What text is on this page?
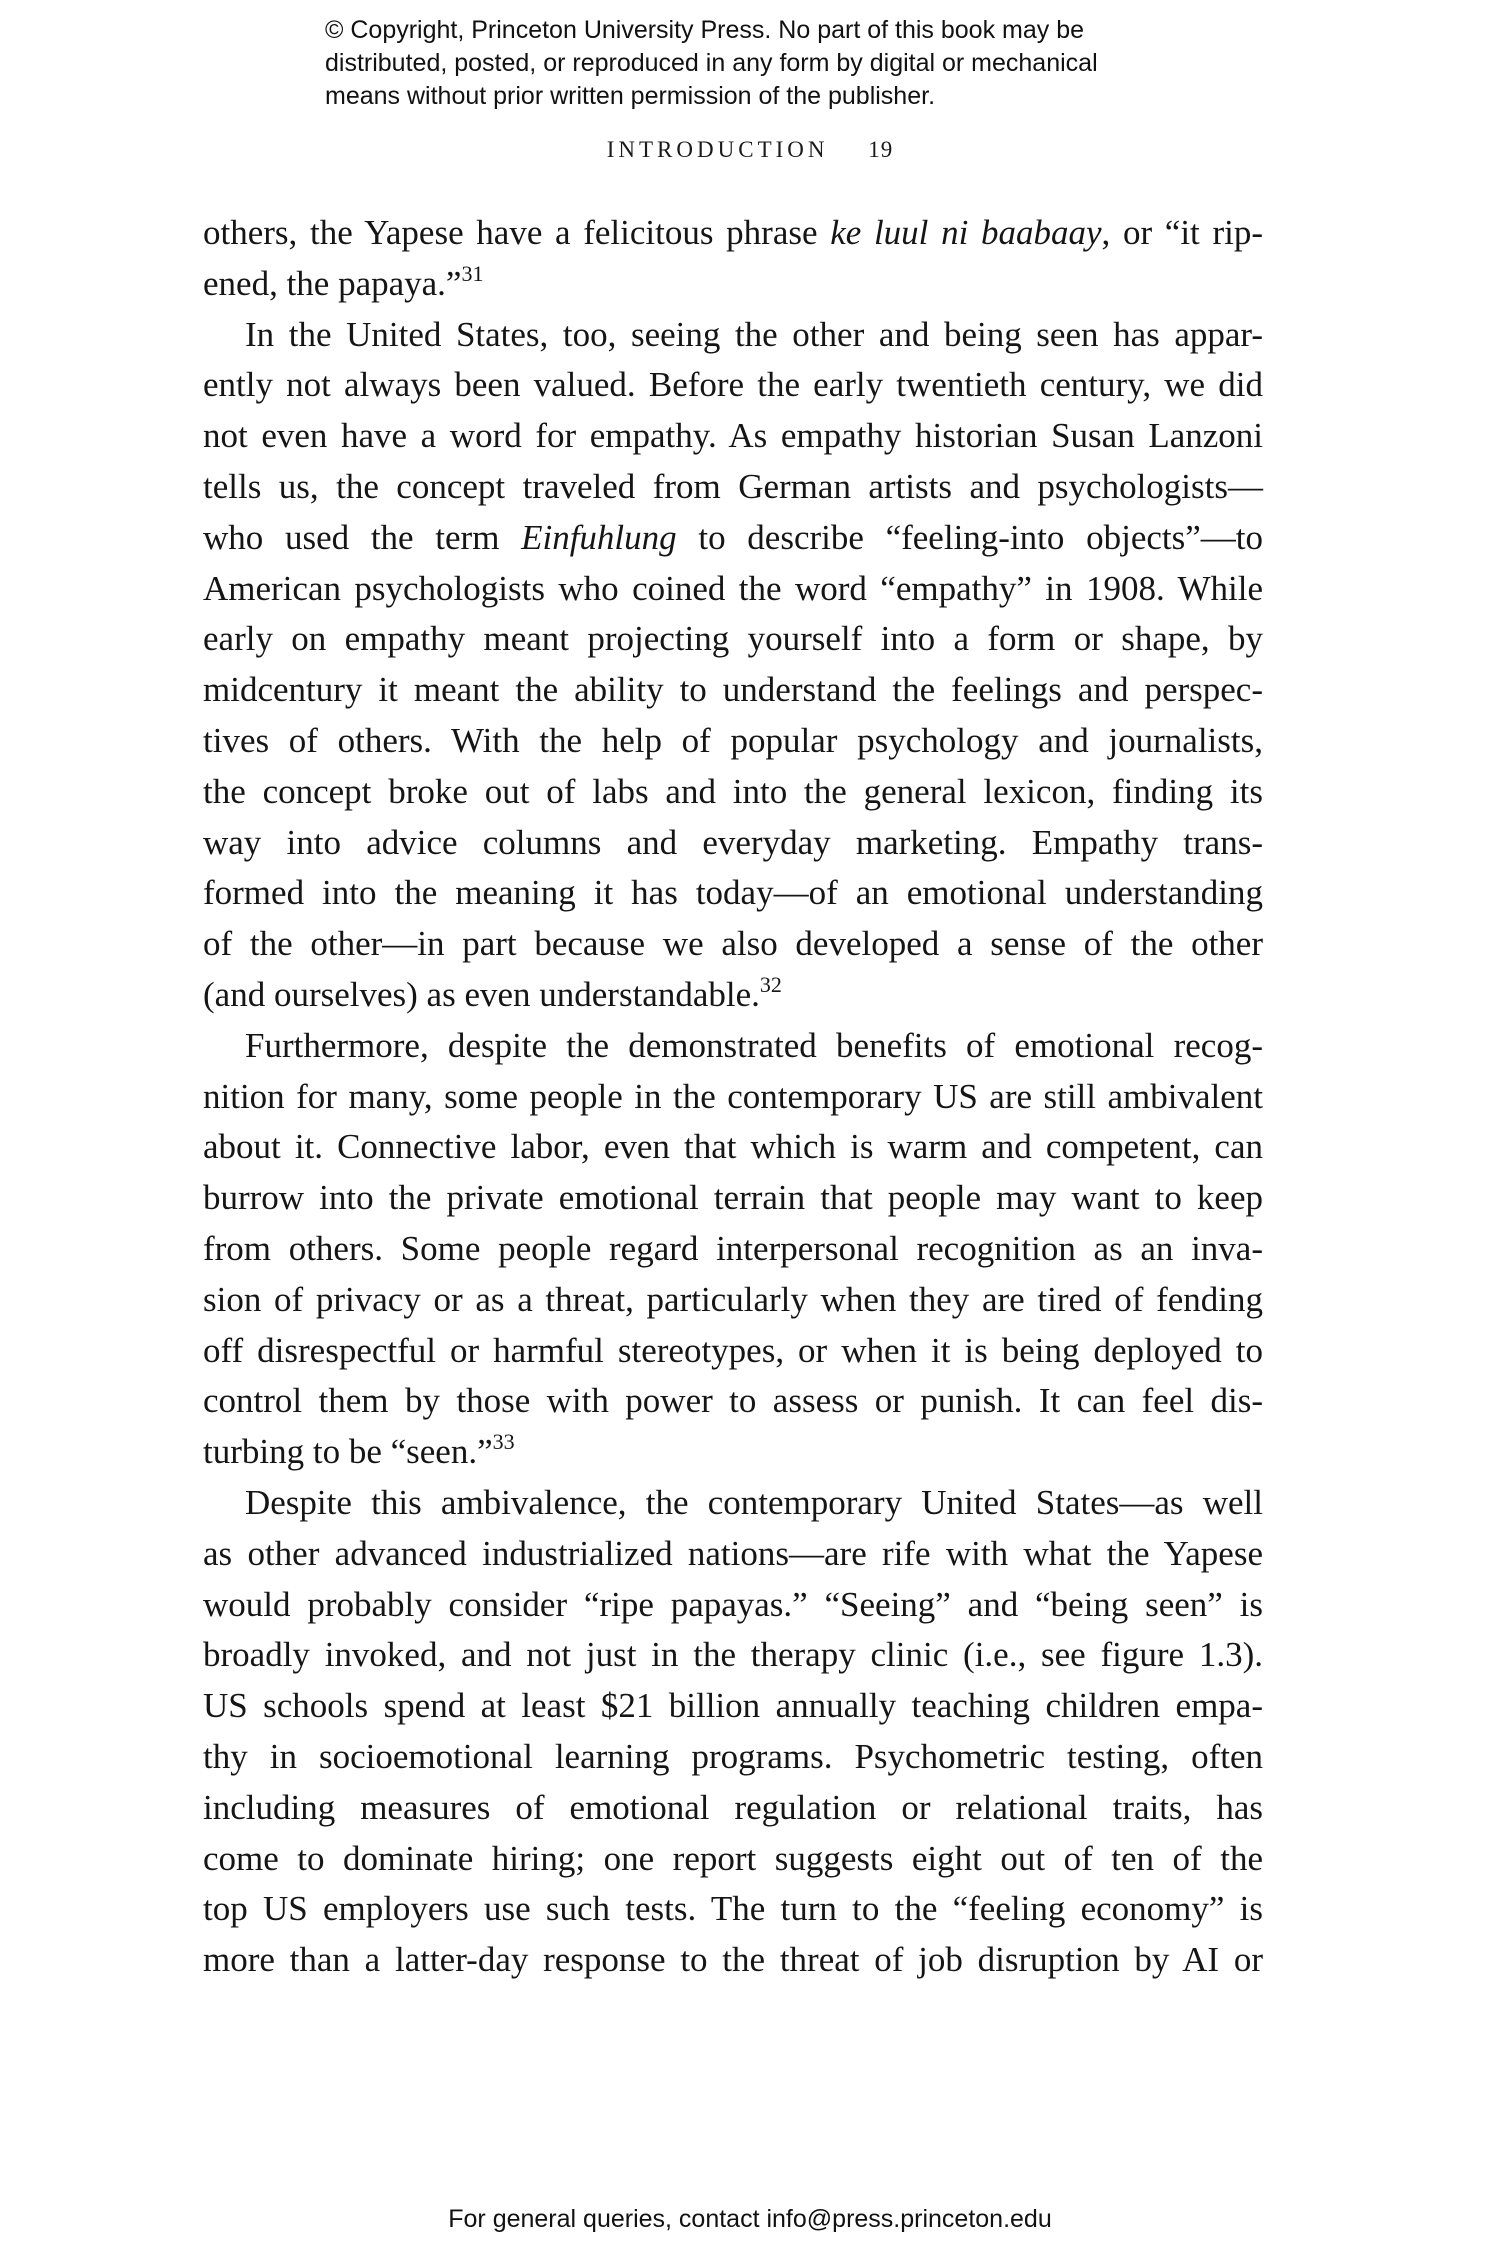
© Copyright, Princeton University Press. No part of this book may be
distributed, posted, or reproduced in any form by digital or mechanical
means without prior written permission of the publisher.
INTRODUCTION 19
others, the Yapese have a felicitous phrase ke luul ni baabaay, or “it rip-
ened, the papaya.”$^{31}$
In the United States, too, seeing the other and being seen has appar-
ently not always been valued. Before the early twentieth century, we did
not even have a word for empathy. As empathy historian Susan Lanzoni
tells us, the concept traveled from German artists and psychologists—
who used the term Einfuhlung to describe “feeling-into objects”—to
American psychologists who coined the word “empathy” in 1908. While
early on empathy meant projecting yourself into a form or shape, by
midcentury it meant the ability to understand the feelings and perspec-
tives of others. With the help of popular psychology and journalists,
the concept broke out of labs and into the general lexicon, finding its
way into advice columns and everyday marketing. Empathy trans-
formed into the meaning it has today—of an emotional understanding
of the other—in part because we also developed a sense of the other
(and ourselves) as even understandable.$^{32}$
Furthermore, despite the demonstrated benefits of emotional recog-
nition for many, some people in the contemporary US are still ambivalent
about it. Connective labor, even that which is warm and competent, can
burrow into the private emotional terrain that people may want to keep
from others. Some people regard interpersonal recognition as an inva-
sion of privacy or as a threat, particularly when they are tired of fending
off disrespectful or harmful stereotypes, or when it is being deployed to
control them by those with power to assess or punish. It can feel dis-
turbing to be “seen.”$^{33}$
Despite this ambivalence, the contemporary United States—as well
as other advanced industrialized nations—are rife with what the Yapese
would probably consider “ripe papayas.” “Seeing” and “being seen” is
broadly invoked, and not just in the therapy clinic (i.e., see figure 1.3).
US schools spend at least $21 billion annually teaching children empa-
thy in socioemotional learning programs. Psychometric testing, often
including measures of emotional regulation or relational traits, has
come to dominate hiring; one report suggests eight out of ten of the
top US employers use such tests. The turn to the “feeling economy” is
more than a latter-day response to the threat of job disruption by AI or
For general queries, contact info@press.princeton.edu
